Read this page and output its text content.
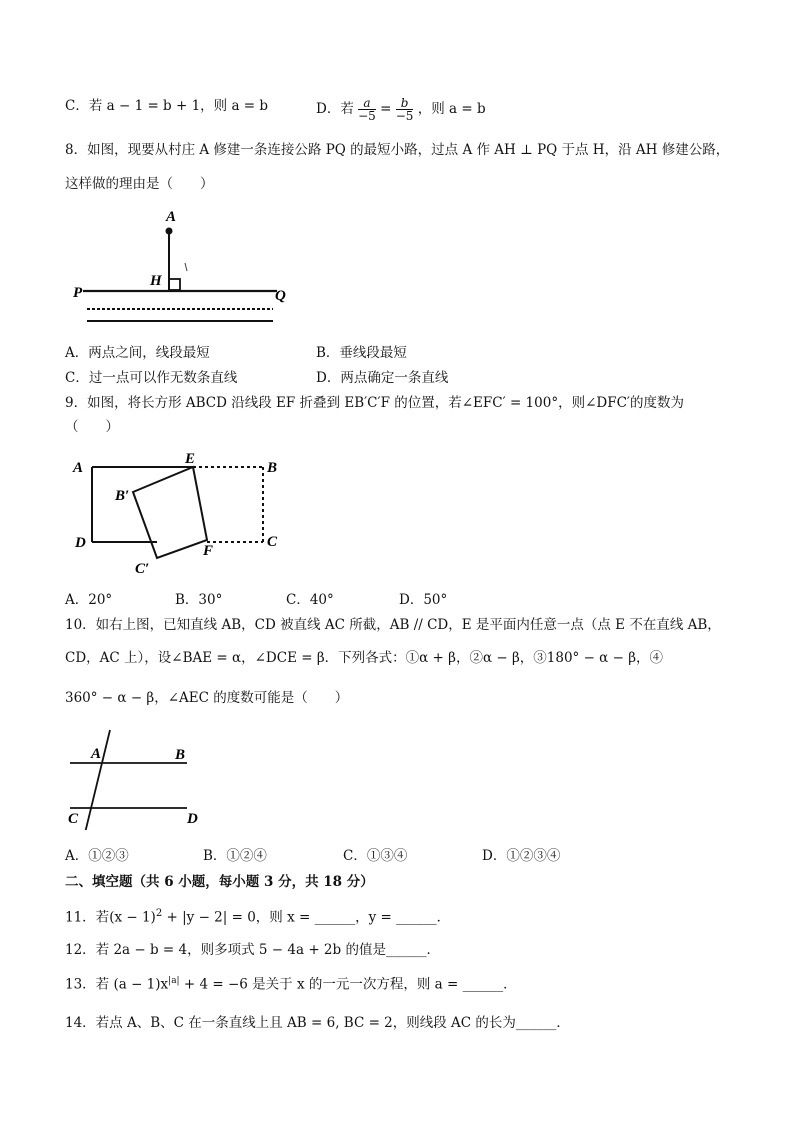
C．若 a − 1 = b + 1，则 a = b	D．若 $\frac{a}{-5} = \frac{b}{-5}$ ，则 a = b
8．如图，现要从村庄 A 修建一条连接公路 PQ 的最短小路，过点 A 作 AH ⊥ PQ 于点 H，沿 AH 修建公路，
这样做的理由是（　　）
A
H
P	Q
A．两点之间，线段最短	B．垂线段最短
C．过一点可以作无数条直线	D．两点确定一条直线
9．如图，将长方形 ABCD 沿线段 EF 折叠到 EB′C′F 的位置，若∠EFC′ = 100°，则∠DFC′的度数为
（　　）
A
E
B
B′
D	F
C
C′
A．20°	B．30°	C．40°	D．50°
10．如右上图，已知直线 AB，CD 被直线 AC 所截，AB // CD，E 是平面内任意一点（点 E 不在直线 AB，
CD，AC 上），设∠BAE = α，∠DCE = β．下列各式：①α + β，②α − β，③180° − α − β，④
360° − α − β，∠AEC 的度数可能是（　　）
A	B
C	D
A．①②③	B．①②④	C．①③④	D．①②③④
二、填空题（共 6 小题，每小题 3 分，共 18 分）
11．若$(x - 1)^2 + |y - 2| = 0$，则 x = ______，y = ______．
12．若 2a − b = 4，则多项式 5 − 4a + 2b 的值是______．
13．若 $(a - 1)x^{|a|} + 4 = -6$ 是关于 x 的一元一次方程，则 a = ______．
14．若点 A、B、C 在一条直线上且 AB = 6, BC = 2，则线段 AC 的长为______．
